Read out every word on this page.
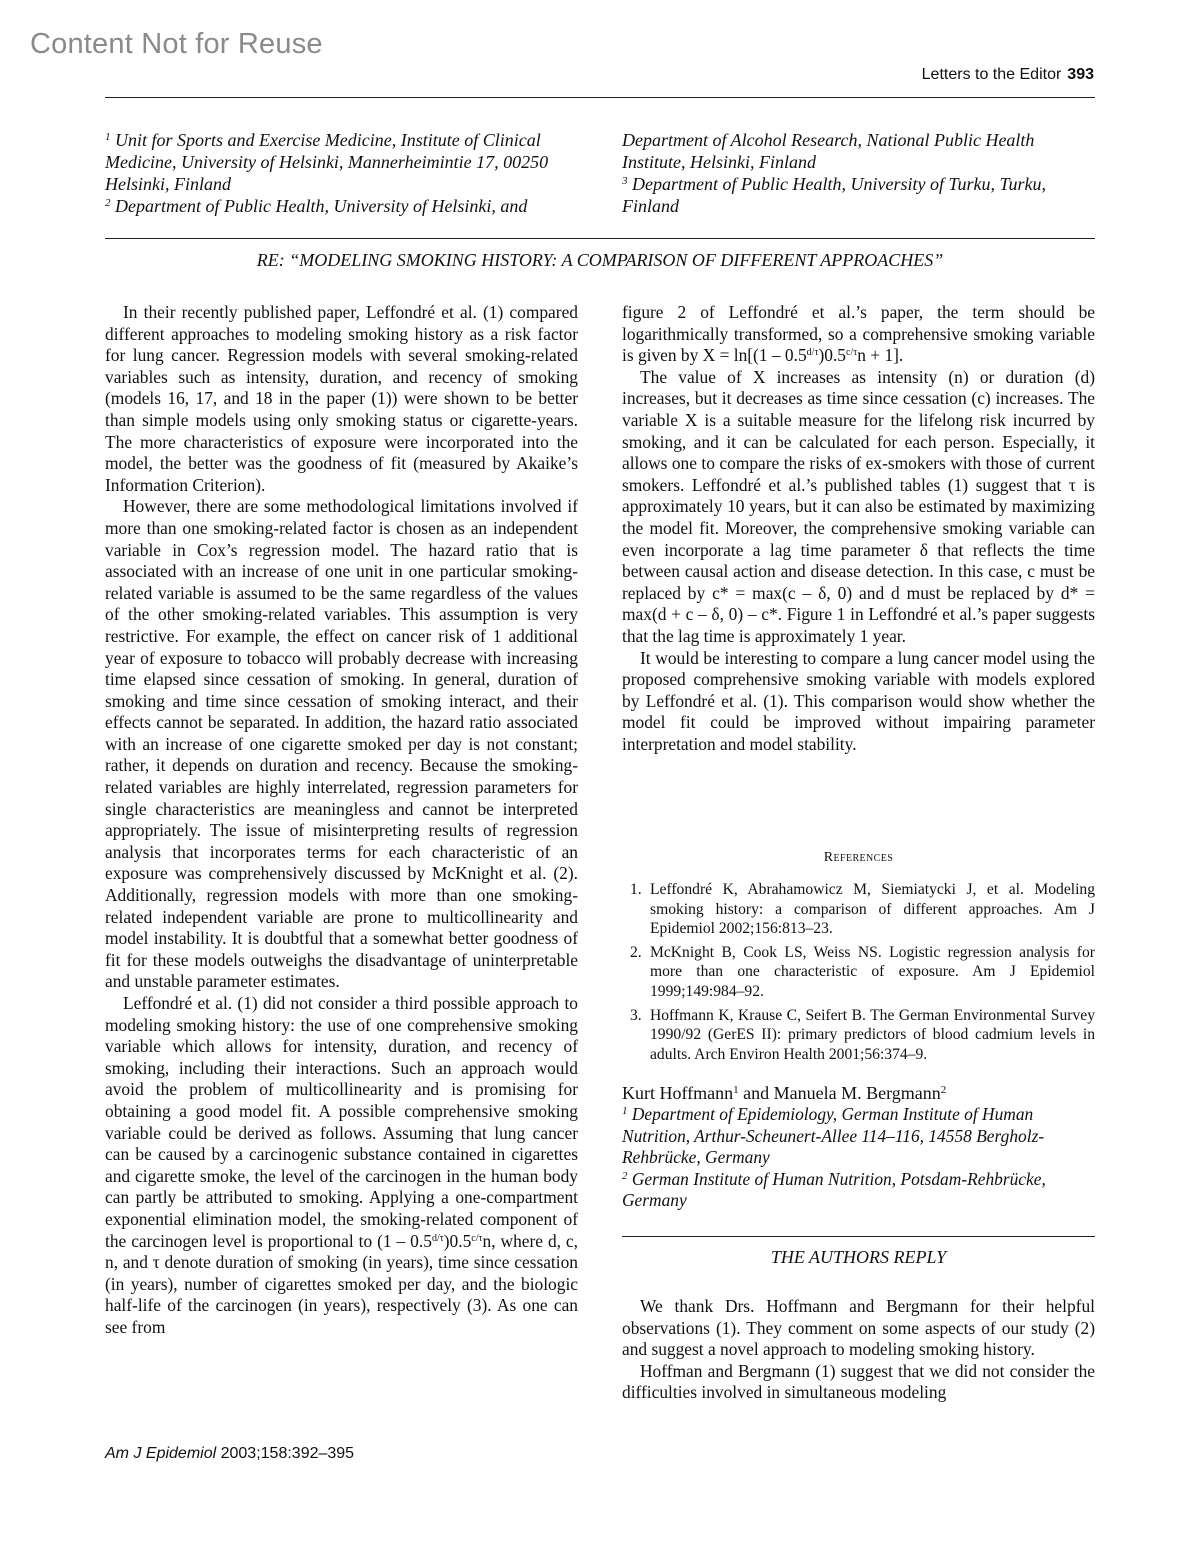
Content Not for Reuse
Letters to the Editor 393
$^1$ Unit for Sports and Exercise Medicine, Institute of Clinical Medicine, University of Helsinki, Mannerheimintie 17, 00250 Helsinki, Finland
$^2$ Department of Public Health, University of Helsinki, and
Department of Alcohol Research, National Public Health Institute, Helsinki, Finland
$^3$ Department of Public Health, University of Turku, Turku, Finland
RE: “MODELING SMOKING HISTORY: A COMPARISON OF DIFFERENT APPROACHES”

In their recently published paper, Leffondré et al. (1) compared different approaches to modeling smoking history as a risk factor for lung cancer. Regression models with several smoking-related variables such as intensity, duration, and recency of smoking (models 16, 17, and 18 in the paper (1)) were shown to be better than simple models using only smoking status or cigarette-years. The more characteristics of exposure were incorporated into the model, the better was the goodness of fit (measured by Akaike’s Information Criterion).

However, there are some methodological limitations involved if more than one smoking-related factor is chosen as an independent variable in Cox’s regression model. The hazard ratio that is associated with an increase of one unit in one particular smoking-related variable is assumed to be the same regardless of the values of the other smoking-related variables. This assumption is very restrictive. For example, the effect on cancer risk of 1 additional year of exposure to tobacco will probably decrease with increasing time elapsed since cessation of smoking. In general, duration of smoking and time since cessation of smoking interact, and their effects cannot be separated. In addition, the hazard ratio associated with an increase of one cigarette smoked per day is not constant; rather, it depends on duration and recency. Because the smoking-related variables are highly interrelated, regression parameters for single characteristics are meaningless and cannot be interpreted appropriately. The issue of misinterpreting results of regression analysis that incorporates terms for each characteristic of an exposure was comprehensively discussed by McKnight et al. (2). Additionally, regression models with more than one smoking-related independent variable are prone to multicollinearity and model instability. It is doubtful that a somewhat better goodness of fit for these models outweighs the disadvantage of uninterpretable and unstable parameter estimates.

Leffondré et al. (1) did not consider a third possible approach to modeling smoking history: the use of one comprehensive smoking variable which allows for intensity, duration, and recency of smoking, including their interactions. Such an approach would avoid the problem of multicollinearity and is promising for obtaining a good model fit. A possible comprehensive smoking variable could be derived as follows. Assuming that lung cancer can be caused by a carcinogenic substance contained in cigarettes and cigarette smoke, the level of the carcinogen in the human body can partly be attributed to smoking. Applying a one-compartment exponential elimination model, the smoking-related component of the carcinogen level is proportional to $(1 - 0.5^{d/\tau})0.5^{c/\tau}n$, where d, c, n, and τ denote duration of smoking (in years), time since cessation (in years), number of cigarettes smoked per day, and the biologic half-life of the carcinogen (in years), respectively (3). As one can see from

figure 2 of Leffondré et al.’s paper, the term should be logarithmically transformed, so a comprehensive smoking variable is given by $X = \ln[(1 - 0.5^{d/\tau})0.5^{c/\tau}n + 1]$.

The value of X increases as intensity (n) or duration (d) increases, but it decreases as time since cessation (c) increases. The variable X is a suitable measure for the lifelong risk incurred by smoking, and it can be calculated for each person. Especially, it allows one to compare the risks of ex-smokers with those of current smokers. Leffondré et al.’s published tables (1) suggest that τ is approximately 10 years, but it can also be estimated by maximizing the model fit. Moreover, the comprehensive smoking variable can even incorporate a lag time parameter δ that reflects the time between causal action and disease detection. In this case, c must be replaced by c* = max(c – δ, 0) and d must be replaced by d* = max(d + c – δ, 0) – c*. Figure 1 in Leffondré et al.’s paper suggests that the lag time is approximately 1 year.

It would be interesting to compare a lung cancer model using the proposed comprehensive smoking variable with models explored by Leffondré et al. (1). This comparison would show whether the model fit could be improved without impairing parameter interpretation and model stability.

References
1. Leffondré K, Abrahamowicz M, Siemiatycki J, et al. Modeling smoking history: a comparison of different approaches. Am J Epidemiol 2002;156:813–23.
2. McKnight B, Cook LS, Weiss NS. Logistic regression analysis for more than one characteristic of exposure. Am J Epidemiol 1999;149:984–92.
3. Hoffmann K, Krause C, Seifert B. The German Environmental Survey 1990/92 (GerES II): primary predictors of blood cadmium levels in adults. Arch Environ Health 2001;56:374–9.
Kurt Hoffmann$^1$ and Manuela M. Bergmann$^2$
$^1$ Department of Epidemiology, German Institute of Human Nutrition, Arthur-Scheunert-Allee 114–116, 14558 Bergholz-Rehbrücke, Germany
$^2$ German Institute of Human Nutrition, Potsdam-Rehbrücke, Germany
THE AUTHORS REPLY

We thank Drs. Hoffmann and Bergmann for their helpful observations (1). They comment on some aspects of our study (2) and suggest a novel approach to modeling smoking history.

Hoffman and Bergmann (1) suggest that we did not consider the difficulties involved in simultaneous modeling

Am J Epidemiol 2003;158:392–395
